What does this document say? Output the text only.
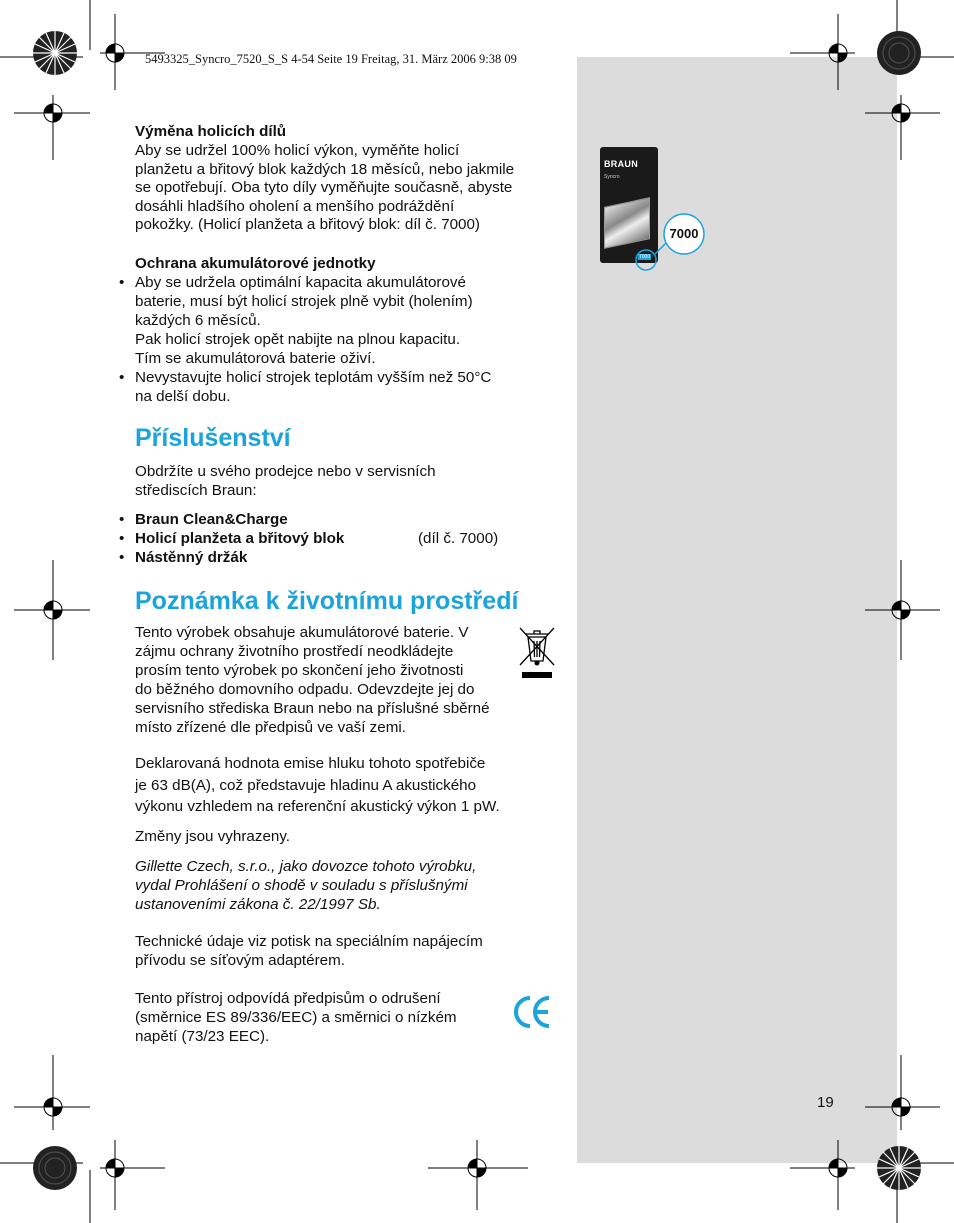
5493325_Syncro_7520_S_S 4-54 Seite 19 Freitag, 31. März 2006 9:38 09
Výměna holicích dílů
Aby se udržel 100% holicí výkon, vyměňte holicí
planžetu a břitový blok každých 18 měsíců, nebo jakmile
se opotřebují. Oba tyto díly vyměňujte současně, abyste
dosáhli hladšího oholení a menšího podráždění
pokožky. (Holicí planžeta a břitový blok: díl č. 7000)
Ochrana akumulátorové jednotky
• Aby se udržela optimální kapacita akumulátorové
baterie, musí být holicí strojek plně vybit (holením)
každých 6 měsíců.
Pak holicí strojek opět nabijte na plnou kapacitu.
Tím se akumulátorová baterie oživí.
• Nevystavujte holicí strojek teplotám vyšším než 50°C
na delší dobu.
Příslušenství
Obdržíte u svého prodejce nebo v servisních
střediscích Braun:
• Braun Clean&Charge
• Holicí planžeta a břitový blok	(díl č. 7000)
• Nástěnný držák
Poznámka k životnímu prostředí
Tento výrobek obsahuje akumulátorové baterie. V
zájmu ochrany životního prostředí neodkládejte
prosím tento výrobek po skončení jeho životnosti
do běžného domovního odpadu. Odevzdejte jej do
servisního střediska Braun nebo na příslušné sběrné
místo zřízené dle předpisů ve vaší zemi.
Deklarovaná hodnota emise hluku tohoto spotřebiče
je 63 dB(A), což představuje hladinu A akustického
výkonu vzhledem na referenční akustický výkon 1 pW.
Změny jsou vyhrazeny.
Gillette Czech, s.r.o., jako dovozce tohoto výrobku,
vydal Prohlášení o shodě v souladu s příslušnými
ustanoveními zákona č. 22/1997 Sb.
Technické údaje viz potisk na speciálním napájecím
přívodu se síťovým adaptérem.
Tento přístroj odpovídá předpisům o odrušení
(směrnice ES 89/336/EEC) a směrnici o nízkém
napětí (73/23 EEC).
BRAUN
Syncro
7000
7000
19
